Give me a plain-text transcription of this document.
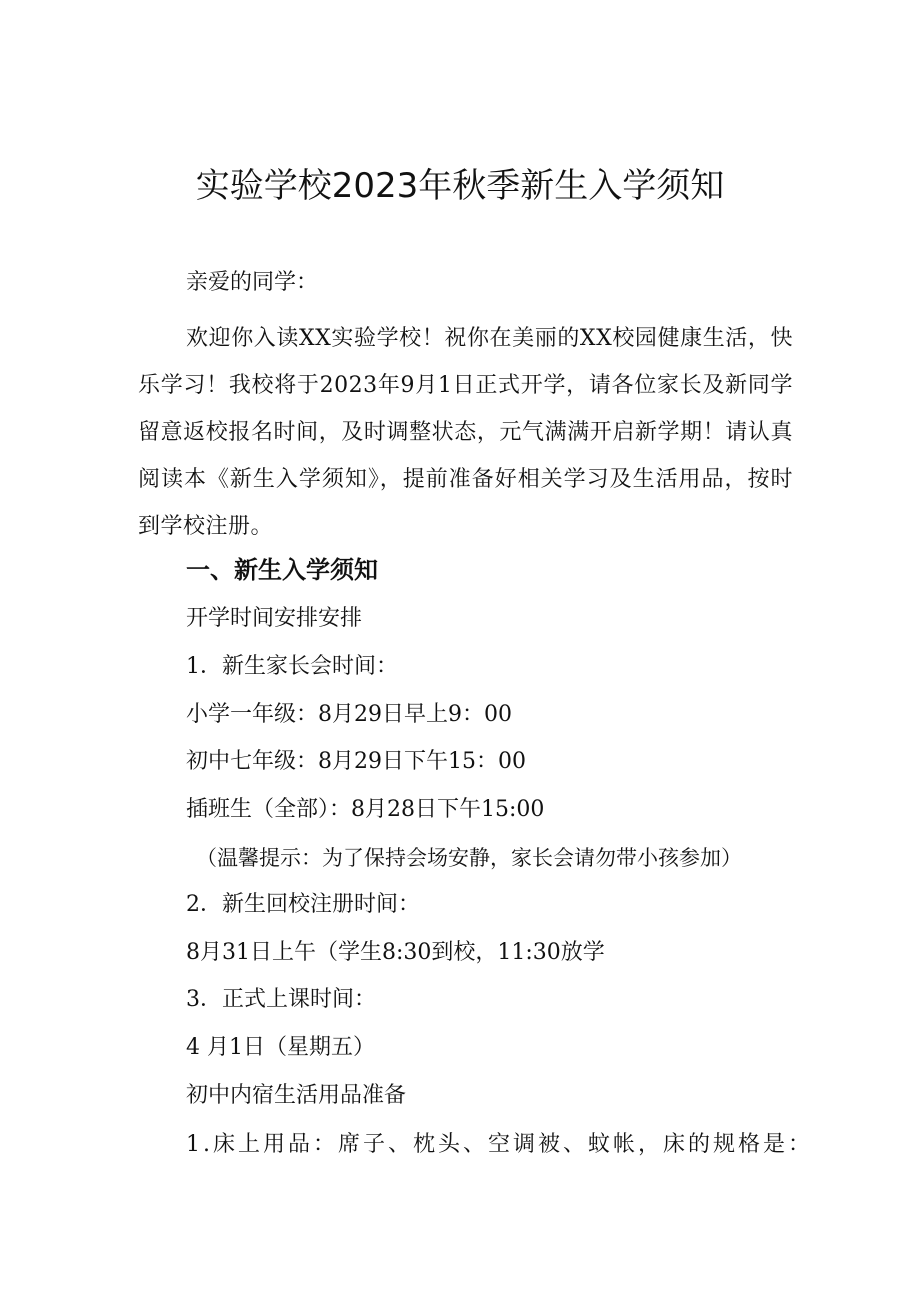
实验学校2023年秋季新生入学须知

亲爱的同学：

欢迎你入读XX实验学校！祝你在美丽的XX校园健康生活，快乐学习！我校将于2023年9月1日正式开学，请各位家长及新同学留意返校报名时间，及时调整状态，元气满满开启新学期！请认真阅读本《新生入学须知》，提前准备好相关学习及生活用品，按时到学校注册。

一、新生入学须知

开学时间安排安排

1．新生家长会时间：

小学一年级：8月29日早上9：00

初中七年级：8月29日下午15：00

插班生（全部）：8月28日下午15:00

（温馨提示：为了保持会场安静，家长会请勿带小孩参加）

2．新生回校注册时间：

8月31日上午（学生8:30到校，11:30放学

3．正式上课时间：

4 月1日（星期五）

初中内宿生活用品准备

1.床上用品：席子、枕头、空调被、蚊帐，床的规格是：
